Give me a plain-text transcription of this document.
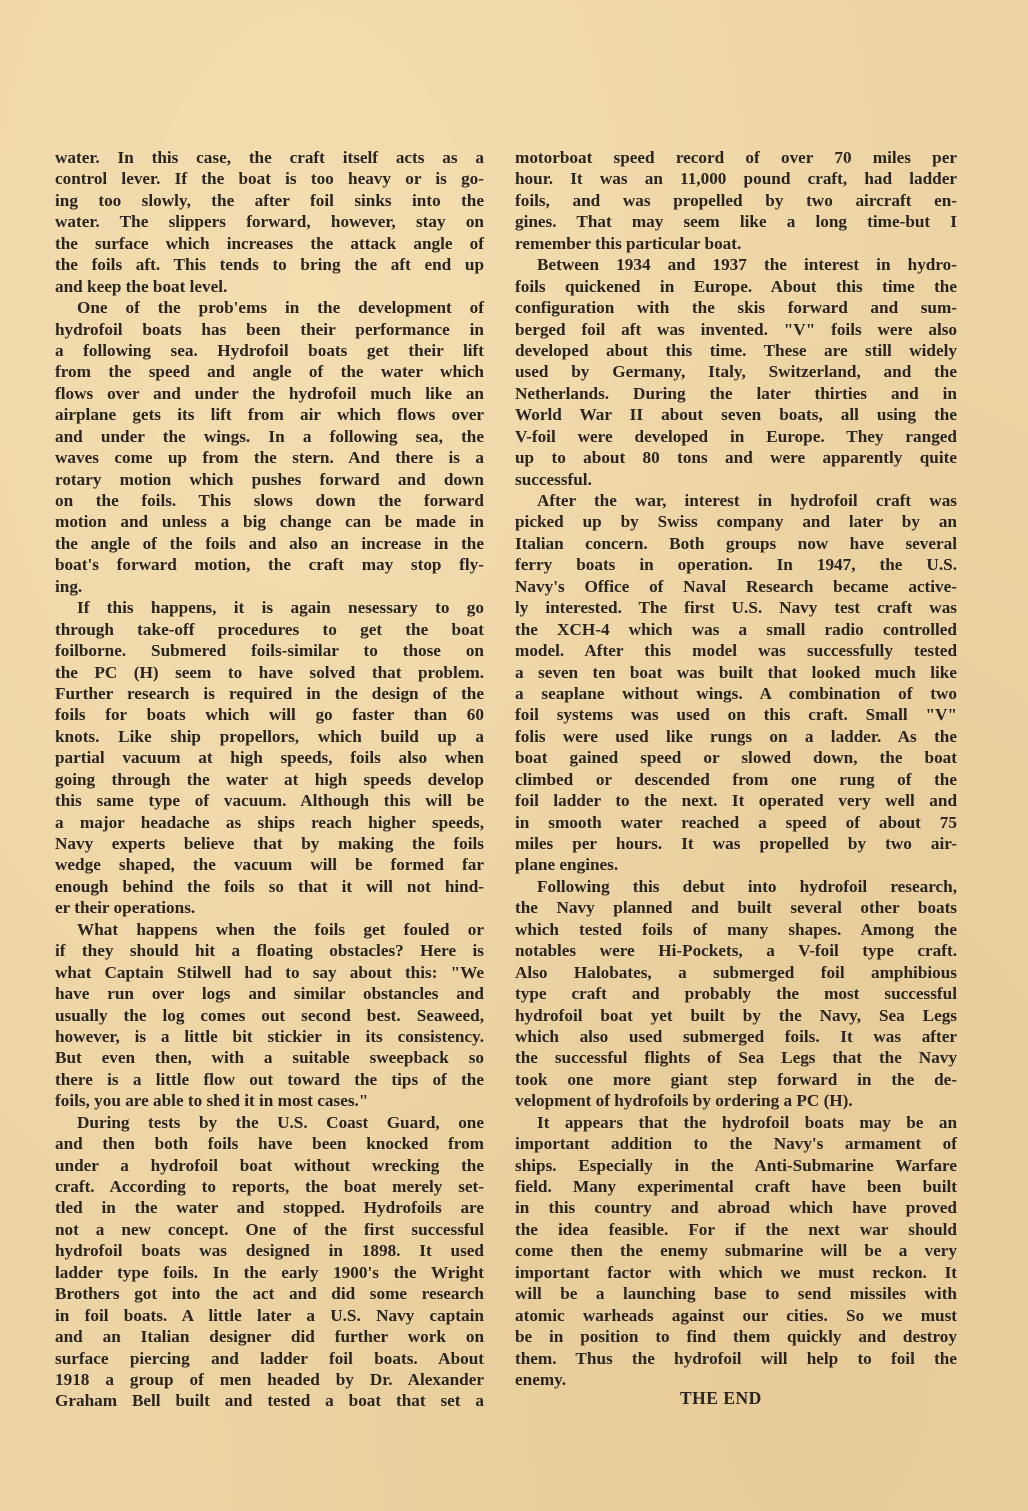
water. In this case, the craft itself acts as a
control lever. If the boat is too heavy or is go-
ing too slowly, the after foil sinks into the
water. The slippers forward, however, stay on
the surface which increases the attack angle of
the foils aft. This tends to bring the aft end up
and keep the boat level.
One of the prob'ems in the development of
hydrofoil boats has been their performance in
a following sea. Hydrofoil boats get their lift
from the speed and angle of the water which
flows over and under the hydrofoil much like an
airplane gets its lift from air which flows over
and under the wings. In a following sea, the
waves come up from the stern. And there is a
rotary motion which pushes forward and down
on the foils. This slows down the forward
motion and unless a big change can be made in
the angle of the foils and also an increase in the
boat's forward motion, the craft may stop fly-
ing.
If this happens, it is again nesessary to go
through take-off procedures to get the boat
foilborne. Submered foils-similar to those on
the PC (H) seem to have solved that problem.
Further research is required in the design of the
foils for boats which will go faster than 60
knots. Like ship propellors, which build up a
partial vacuum at high speeds, foils also when
going through the water at high speeds develop
this same type of vacuum. Although this will be
a major headache as ships reach higher speeds,
Navy experts believe that by making the foils
wedge shaped, the vacuum will be formed far
enough behind the foils so that it will not hind-
er their operations.
What happens when the foils get fouled or
if they should hit a floating obstacles? Here is
what Captain Stilwell had to say about this: "We
have run over logs and similar obstancles and
usually the log comes out second best. Seaweed,
however, is a little bit stickier in its consistency.
But even then, with a suitable sweepback so
there is a little flow out toward the tips of the
foils, you are able to shed it in most cases."
During tests by the U.S. Coast Guard, one
and then both foils have been knocked from
under a hydrofoil boat without wrecking the
craft. According to reports, the boat merely set-
tled in the water and stopped. Hydrofoils are
not a new concept. One of the first successful
hydrofoil boats was designed in 1898. It used
ladder type foils. In the early 1900's the Wright
Brothers got into the act and did some research
in foil boats. A little later a U.S. Navy captain
and an Italian designer did further work on
surface piercing and ladder foil boats. About
1918 a group of men headed by Dr. Alexander
Graham Bell built and tested a boat that set a
motorboat speed record of over 70 miles per
hour. It was an 11,000 pound craft, had ladder
foils, and was propelled by two aircraft en-
gines. That may seem like a long time-but I
remember this particular boat.
Between 1934 and 1937 the interest in hydro-
foils quickened in Europe. About this time the
configuration with the skis forward and sum-
berged foil aft was invented. "V" foils were also
developed about this time. These are still widely
used by Germany, Italy, Switzerland, and the
Netherlands. During the later thirties and in
World War II about seven boats, all using the
V-foil were developed in Europe. They ranged
up to about 80 tons and were apparently quite
successful.
After the war, interest in hydrofoil craft was
picked up by Swiss company and later by an
Italian concern. Both groups now have several
ferry boats in operation. In 1947, the U.S.
Navy's Office of Naval Research became active-
ly interested. The first U.S. Navy test craft was
the XCH-4 which was a small radio controlled
model. After this model was successfully tested
a seven ten boat was built that looked much like
a seaplane without wings. A combination of two
foil systems was used on this craft. Small "V"
folis were used like rungs on a ladder. As the
boat gained speed or slowed down, the boat
climbed or descended from one rung of the
foil ladder to the next. It operated very well and
in smooth water reached a speed of about 75
miles per hours. It was propelled by two air-
plane engines.
Following this debut into hydrofoil research,
the Navy planned and built several other boats
which tested foils of many shapes. Among the
notables were Hi-Pockets, a V-foil type craft.
Also Halobates, a submerged foil amphibious
type craft and probably the most successful
hydrofoil boat yet built by the Navy, Sea Legs
which also used submerged foils. It was after
the successful flights of Sea Legs that the Navy
took one more giant step forward in the de-
velopment of hydrofoils by ordering a PC (H).
It appears that the hydrofoil boats may be an
important addition to the Navy's armament of
ships. Especially in the Anti-Submarine Warfare
field. Many experimental craft have been built
in this country and abroad which have proved
the idea feasible. For if the next war should
come then the enemy submarine will be a very
important factor with which we must reckon. It
will be a launching base to send missiles with
atomic warheads against our cities. So we must
be in position to find them quickly and destroy
them. Thus the hydrofoil will help to foil the
enemy.
THE END
